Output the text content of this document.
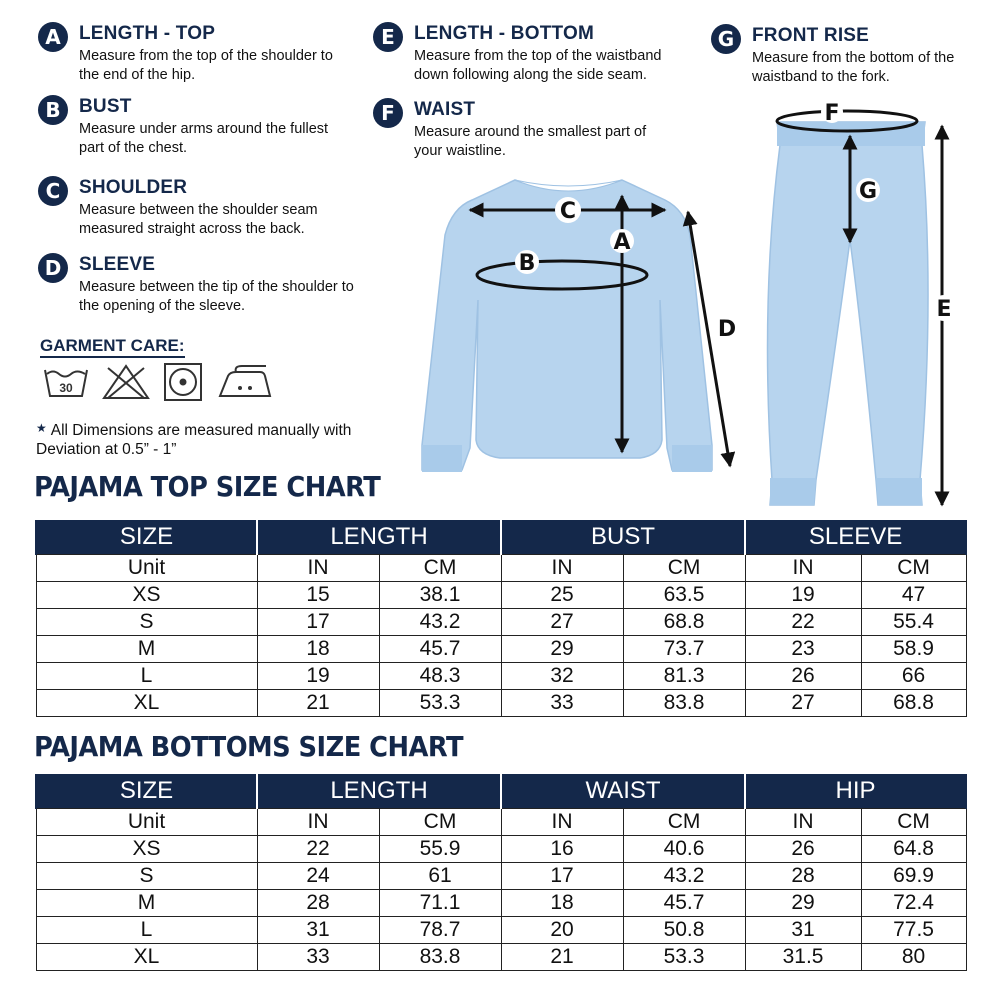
A LENGTH - TOP
Measure from the top of the shoulder to the end of the hip.
B BUST
Measure under arms around the fullest part of the chest.
C SHOULDER
Measure between the shoulder seam measured straight across the back.
D SLEEVE
Measure between the tip of the shoulder to the opening of the sleeve.
E	LENGTH - BOTTOM
Measure from the top of the waistband down following along the side seam.
F	WAIST
Measure around the smallest part of your waistline.
G FRONT RISE
Measure from the bottom of the waistband to the fork.
GARMENT CARE:
30
★ All Dimensions are measured manually with Deviation at 0.5” - 1”
C
B
A
D
F
G
E
PAJAMA TOP SIZE CHART
SIZE	LENGTH		BUST		SLEEVE	
Unit	IN	CM	IN	CM	IN	CM
XS	15	38.1	25	63.5	19	47
S	17	43.2	27	68.8	22	55.4
M	18	45.7	29	73.7	23	58.9
L	19	48.3	32	81.3	26	66
XL	21	53.3	33	83.8	27	68.8
PAJAMA BOTTOMS SIZE CHART
SIZE	LENGTH		WAIST		HIP	
Unit	IN	CM	IN	CM	IN	CM
XS	22	55.9	16	40.6	26	64.8
S	24	61	17	43.2	28	69.9
M	28	71.1	18	45.7	29	72.4
L	31	78.7	20	50.8	31	77.5
XL	33	83.8	21	53.3	31.5	80
